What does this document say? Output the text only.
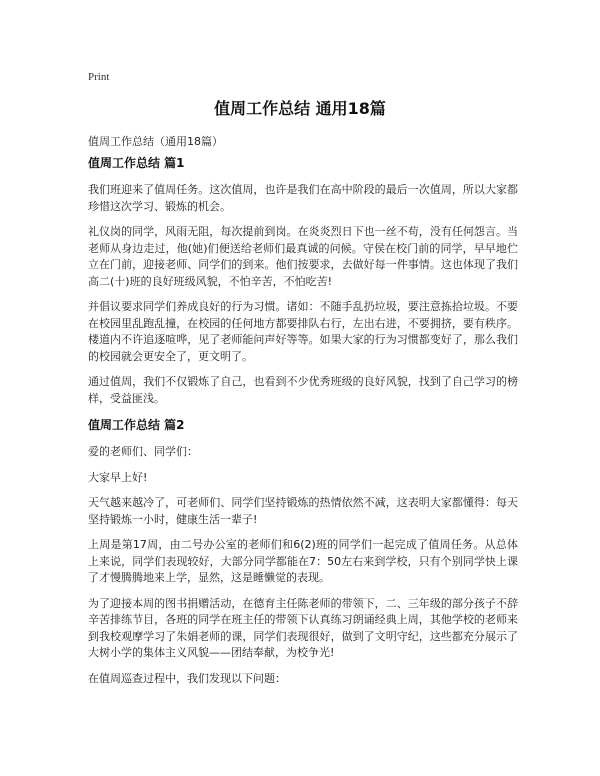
Print
值周工作总结 通用18篇
值周工作总结（通用18篇）
值周工作总结 篇1

我们班迎来了值周任务。这次值周，也许是我们在高中阶段的最后一次值周，所以大家都珍惜这次学习、锻炼的机会。

礼仪岗的同学，风雨无阻，每次提前到岗。在炎炎烈日下也一丝不苟，没有任何怨言。当老师从身边走过，他(她)们便送给老师们最真诚的问候。守侯在校门前的同学，早早地伫立在门前，迎接老师、同学们的到来。他们按要求，去做好每一件事情。这也体现了我们高二(十)班的良好班级风貌，不怕辛苦，不怕吃苦!

并倡议要求同学们养成良好的行为习惯。诸如：不随手乱扔垃圾，要注意拣拾垃圾。不要在校园里乱跑乱撞，在校园的任何地方都要排队右行，左出右进，不要拥挤，要有秩序。楼道内不许追逐喧哗，见了老师能问声好等等。如果大家的行为习惯都变好了，那么我们的校园就会更安全了，更文明了。

通过值周，我们不仅锻炼了自己，也看到不少优秀班级的良好风貌，找到了自己学习的榜样，受益匪浅。

值周工作总结 篇2

爱的老师们、同学们：

大家早上好!

天气越来越冷了，可老师们、同学们坚持锻炼的热情依然不减，这表明大家都懂得：每天坚持锻炼一小时，健康生活一辈子!

上周是第17周，由二号办公室的老师们和6(2)班的同学们一起完成了值周任务。从总体上来说，同学们表现较好，大部分同学都能在7：50左右来到学校，只有个别同学快上课了才慢腾腾地来上学，显然，这是睡懒觉的表现。

为了迎接本周的图书捐赠活动，在德育主任陈老师的带领下，二、三年级的部分孩子不辞辛苦排练节目，各班的同学在班主任的带领下认真练习朗诵经典上周，其他学校的老师来到我校观摩学习了朱娟老师的课，同学们表现很好，做到了文明守纪，这些都充分展示了大树小学的集体主义风貌——团结奉献，为校争光!

在值周巡查过程中，我们发现以下问题：
